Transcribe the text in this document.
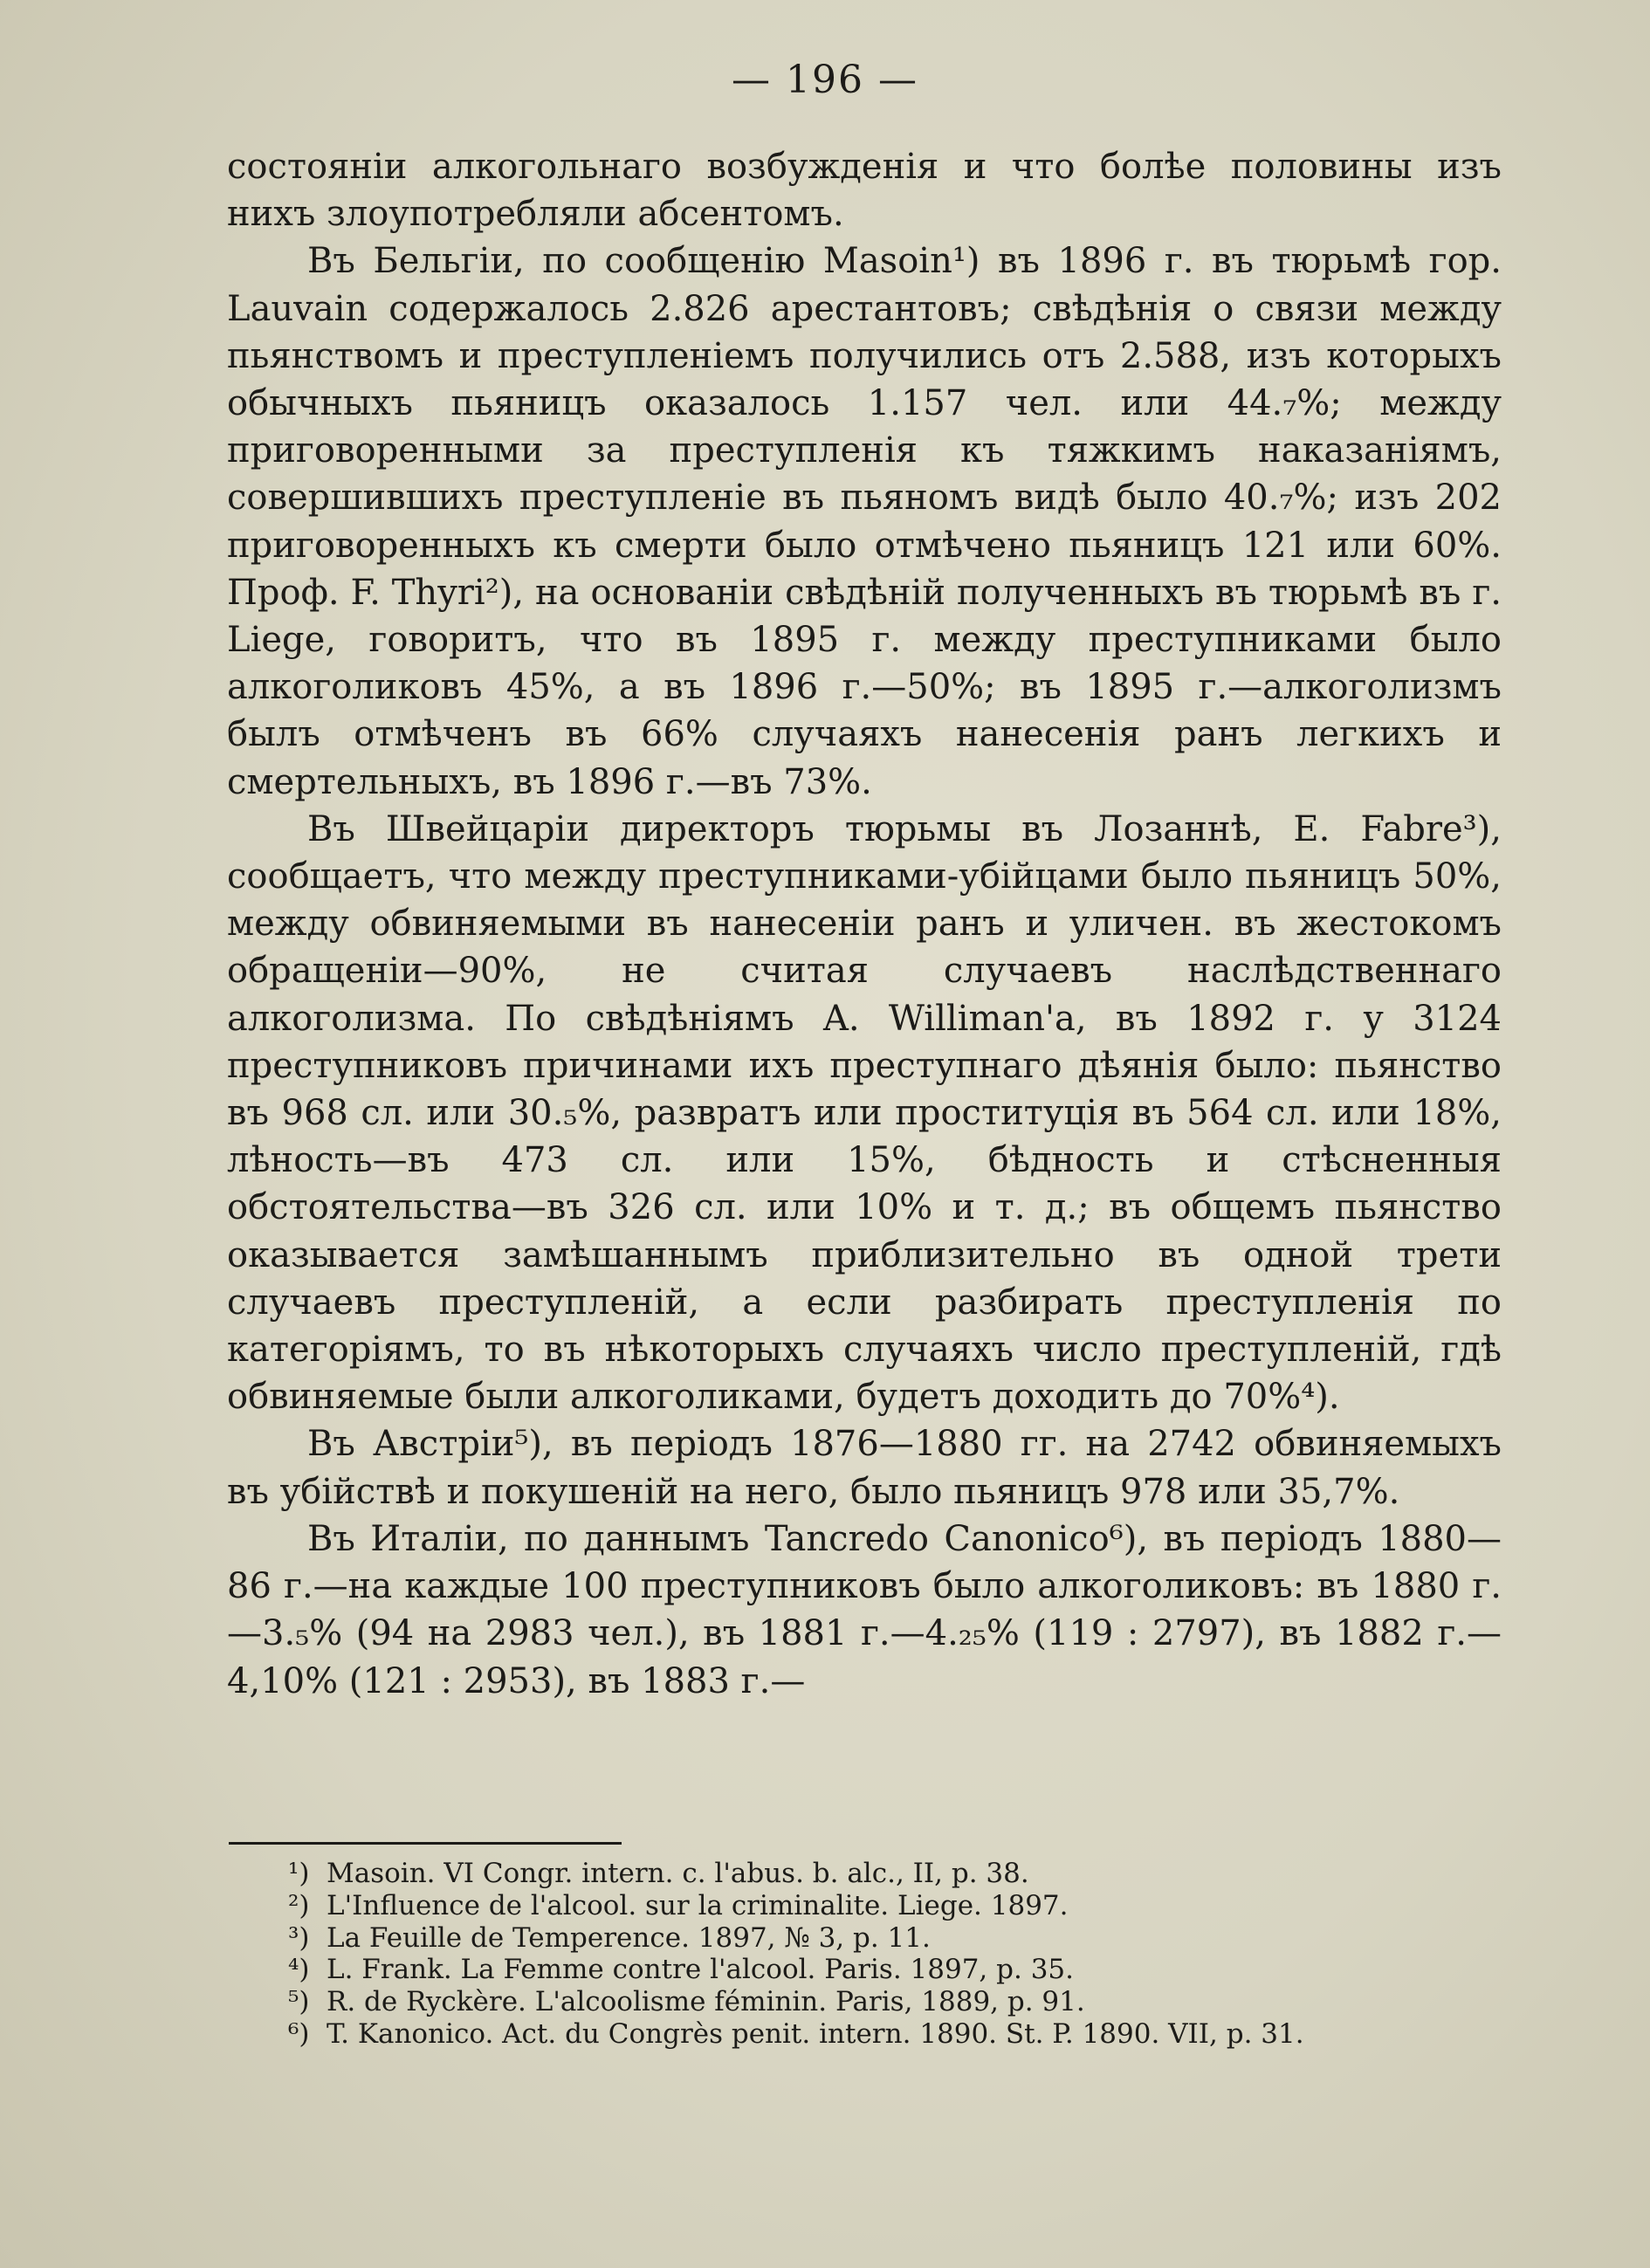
— 196 —

состояніи алкогольнаго возбужденія и что болѣе половины изъ нихъ злоупотребляли абсентомъ.

Въ Бельгіи, по сообщенію Masoin¹) въ 1896 г. въ тюрьмѣ гор. Lauvain содержалось 2.826 арестантовъ; свѣдѣнія о связи между пьянствомъ и преступленіемъ получились отъ 2.588, изъ которыхъ обычныхъ пьяницъ оказалось 1.157 чел. или 44.₇%; между приговоренными за преступленія къ тяжкимъ наказаніямъ, совершившихъ преступленіе въ пьяномъ видѣ было 40.₇%; изъ 202 приговоренныхъ къ смерти было отмѣчено пьяницъ 121 или 60%. Проф. F. Thyri²), на основаніи свѣдѣній полученныхъ въ тюрьмѣ въ г. Liege, говоритъ, что въ 1895 г. между преступниками было алкоголиковъ 45%, а въ 1896 г.—50%; въ 1895 г.—алкоголизмъ былъ отмѣченъ въ 66% случаяхъ нанесенія ранъ легкихъ и смертельныхъ, въ 1896 г.—въ 73%.

Въ Швейцаріи директоръ тюрьмы въ Лозаннѣ, E. Fabre³), сообщаетъ, что между преступниками-убійцами было пьяницъ 50%, между обвиняемыми въ нанесеніи ранъ и уличен. въ жестокомъ обращеніи—90%, не считая случаевъ наслѣдственнаго алкоголизма. По свѣдѣніямъ A. Williman'a, въ 1892 г. у 3124 преступниковъ причинами ихъ преступнаго дѣянія было: пьянство въ 968 сл. или 30.₅%, развратъ или проституція въ 564 сл. или 18%, лѣность—въ 473 сл. или 15%, бѣдность и стѣсненныя обстоятельства—въ 326 сл. или 10% и т. д.; въ общемъ пьянство оказывается замѣшаннымъ приблизительно въ одной трети случаевъ преступленій, а если разбирать преступленія по категоріямъ, то въ нѣкоторыхъ случаяхъ число преступленій, гдѣ обвиняемые были алкоголиками, будетъ доходить до 70%⁴).

Въ Австріи⁵), въ періодъ 1876—1880 гг. на 2742 обвиняемыхъ въ убійствѣ и покушеній на него, было пьяницъ 978 или 35,7%.

Въ Италіи, по даннымъ Tancredo Canonico⁶), въ періодъ 1880—86 г.—на каждые 100 преступниковъ было алкоголиковъ: въ 1880 г.—3.₅% (94 на 2983 чел.), въ 1881 г.—4.₂₅% (119 : 2797), въ 1882 г.—4,10% (121 : 2953), въ 1883 г.—

¹) Masoin. VI Congr. intern. c. l'abus. b. alc., II, p. 38.

²) L'Influence de l'alcool. sur la criminalite. Liege. 1897.

³) La Feuille de Temperence. 1897, № 3, p. 11.

⁴) L. Frank. La Femme contre l'alcool. Paris. 1897, p. 35.

⁵) R. de Ryckère. L'alcoolisme féminin. Paris, 1889, p. 91.

⁶) T. Kanonico. Act. du Congrès penit. intern. 1890. St. P. 1890. VII, p. 31.
